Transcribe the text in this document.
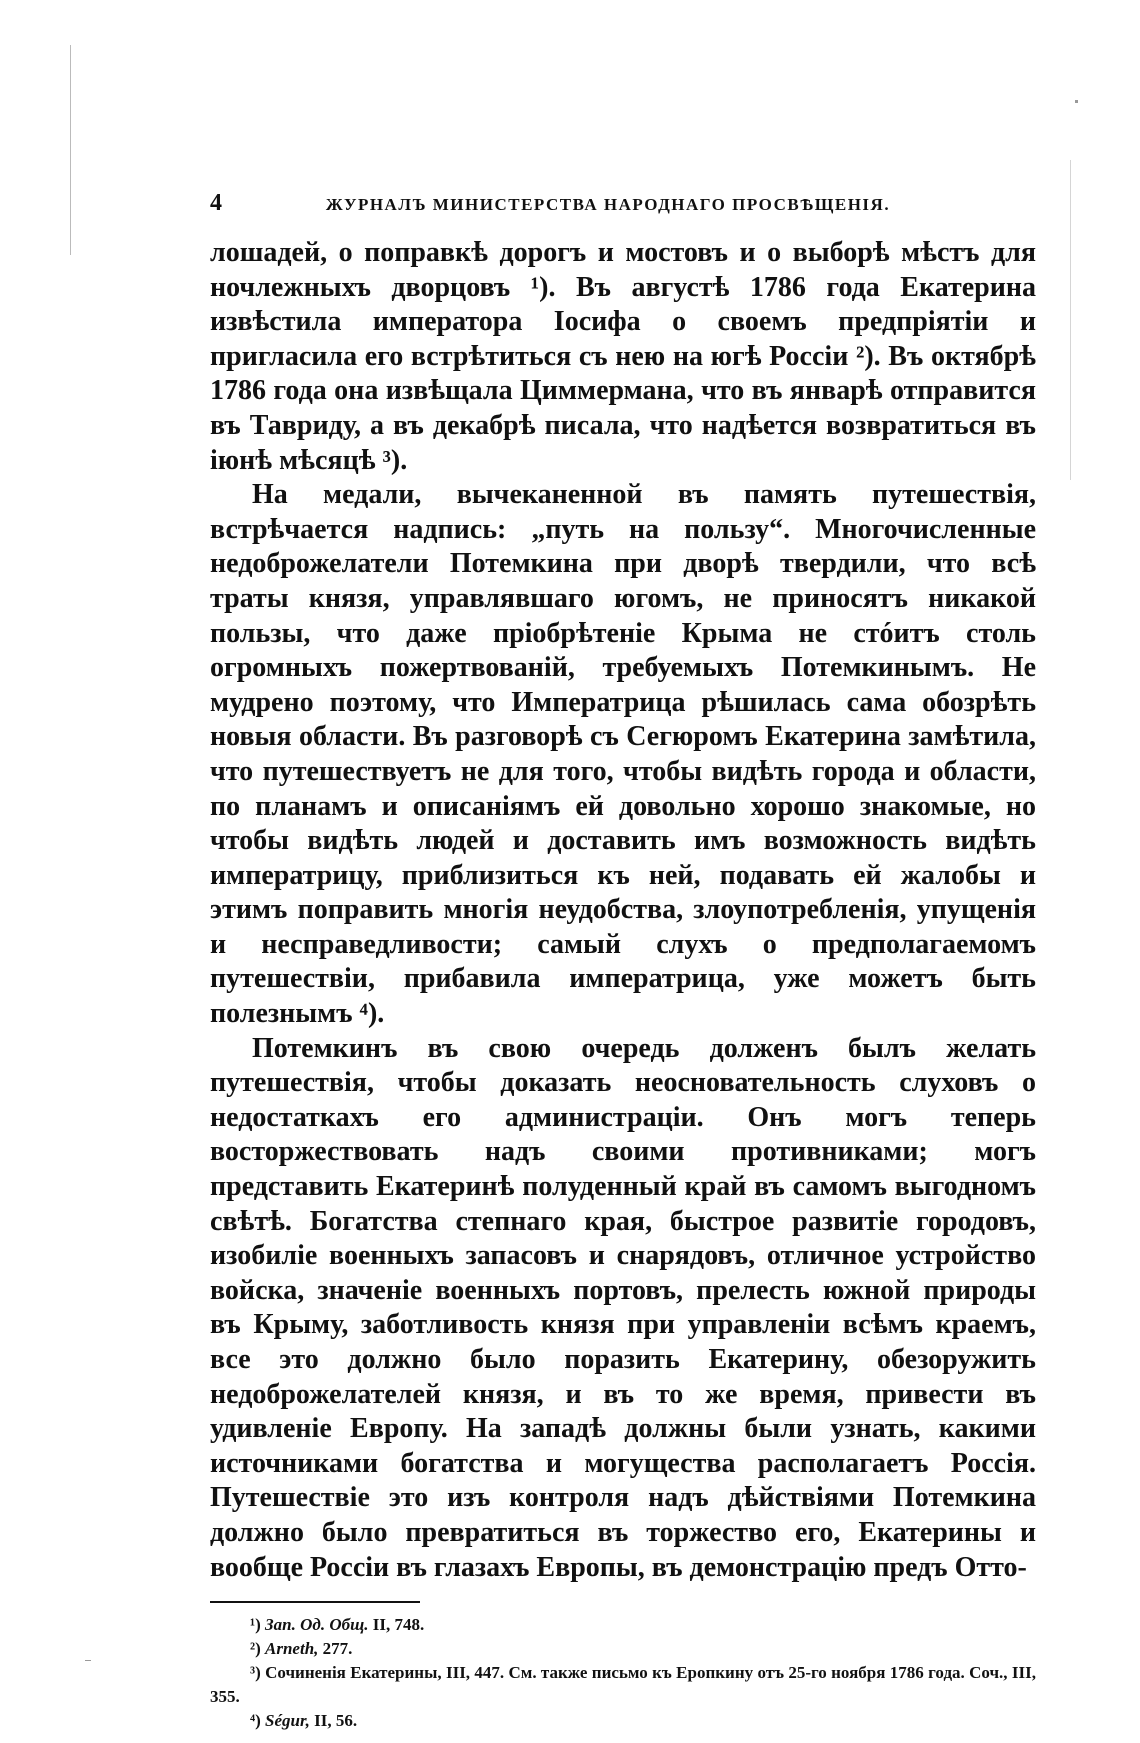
4	ЖУРНАЛЪ МИНИСТЕРСТВА НАРОДНАГО ПРОСВѢЩЕНІЯ.

лошадей, о поправкѣ дорогъ и мостовъ и о выборѣ мѣстъ для ночлежныхъ дворцовъ ¹). Въ августѣ 1786 года Екатерина извѣстила императора Іосифа о своемъ предпріятіи и пригласила его встрѣтиться съ нею на югѣ Россіи ²). Въ октябрѣ 1786 года она извѣщала Циммермана, что въ январѣ отправится въ Тавриду, а въ декабрѣ писала, что надѣется возвратиться въ іюнѣ мѣсяцѣ ³).

На медали, вычеканенной въ память путешествія, встрѣчается надпись: „путь на пользу“. Многочисленные недоброжелатели Потемкина при дворѣ твердили, что всѣ траты князя, управлявшаго югомъ, не приносятъ никакой пользы, что даже пріобрѣтеніе Крыма не стóитъ столь огромныхъ пожертвованій, требуемыхъ Потемкинымъ. Не мудрено поэтому, что Императрица рѣшилась сама обозрѣть новыя области. Въ разговорѣ съ Сегюромъ Екатерина замѣтила, что путешествуетъ не для того, чтобы видѣть города и области, по планамъ и описаніямъ ей довольно хорошо знакомые, но чтобы видѣть людей и доставить имъ возможность видѣть императрицу, приблизиться къ ней, подавать ей жалобы и этимъ поправить многія неудобства, злоупотребленія, упущенія и несправедливости; самый слухъ о предполагаемомъ путешествіи, прибавила императрица, уже можетъ быть полезнымъ ⁴).

Потемкинъ въ свою очередь долженъ былъ желать путешествія, чтобы доказать неосновательность слуховъ о недостаткахъ его администраціи. Онъ могъ теперь восторжествовать надъ своими противниками; могъ представить Екатеринѣ полуденный край въ самомъ выгодномъ свѣтѣ. Богатства степнаго края, быстрое развитіе городовъ, изобиліе военныхъ запасовъ и снарядовъ, отличное устройство войска, значеніе военныхъ портовъ, прелесть южной природы въ Крыму, заботливость князя при управленіи всѣмъ краемъ, все это должно было поразить Екатерину, обезоружить недоброжелателей князя, и въ то же время, привести въ удивленіе Европу. На западѣ должны были узнать, какими источниками богатства и могущества располагаетъ Россія. Путешествіе это изъ контроля надъ дѣйствіями Потемкина должно было превратиться въ торжество его, Екатерины и вообще Россіи въ глазахъ Европы, въ демонстрацію предъ Отто-

¹) Зап. Од. Общ. II, 748.

²) Arneth, 277.

³) Сочиненія Екатерины, III, 447. См. также письмо къ Еропкину отъ 25-го ноября 1786 года. Соч., III, 355.

⁴) Ségur, II, 56.
